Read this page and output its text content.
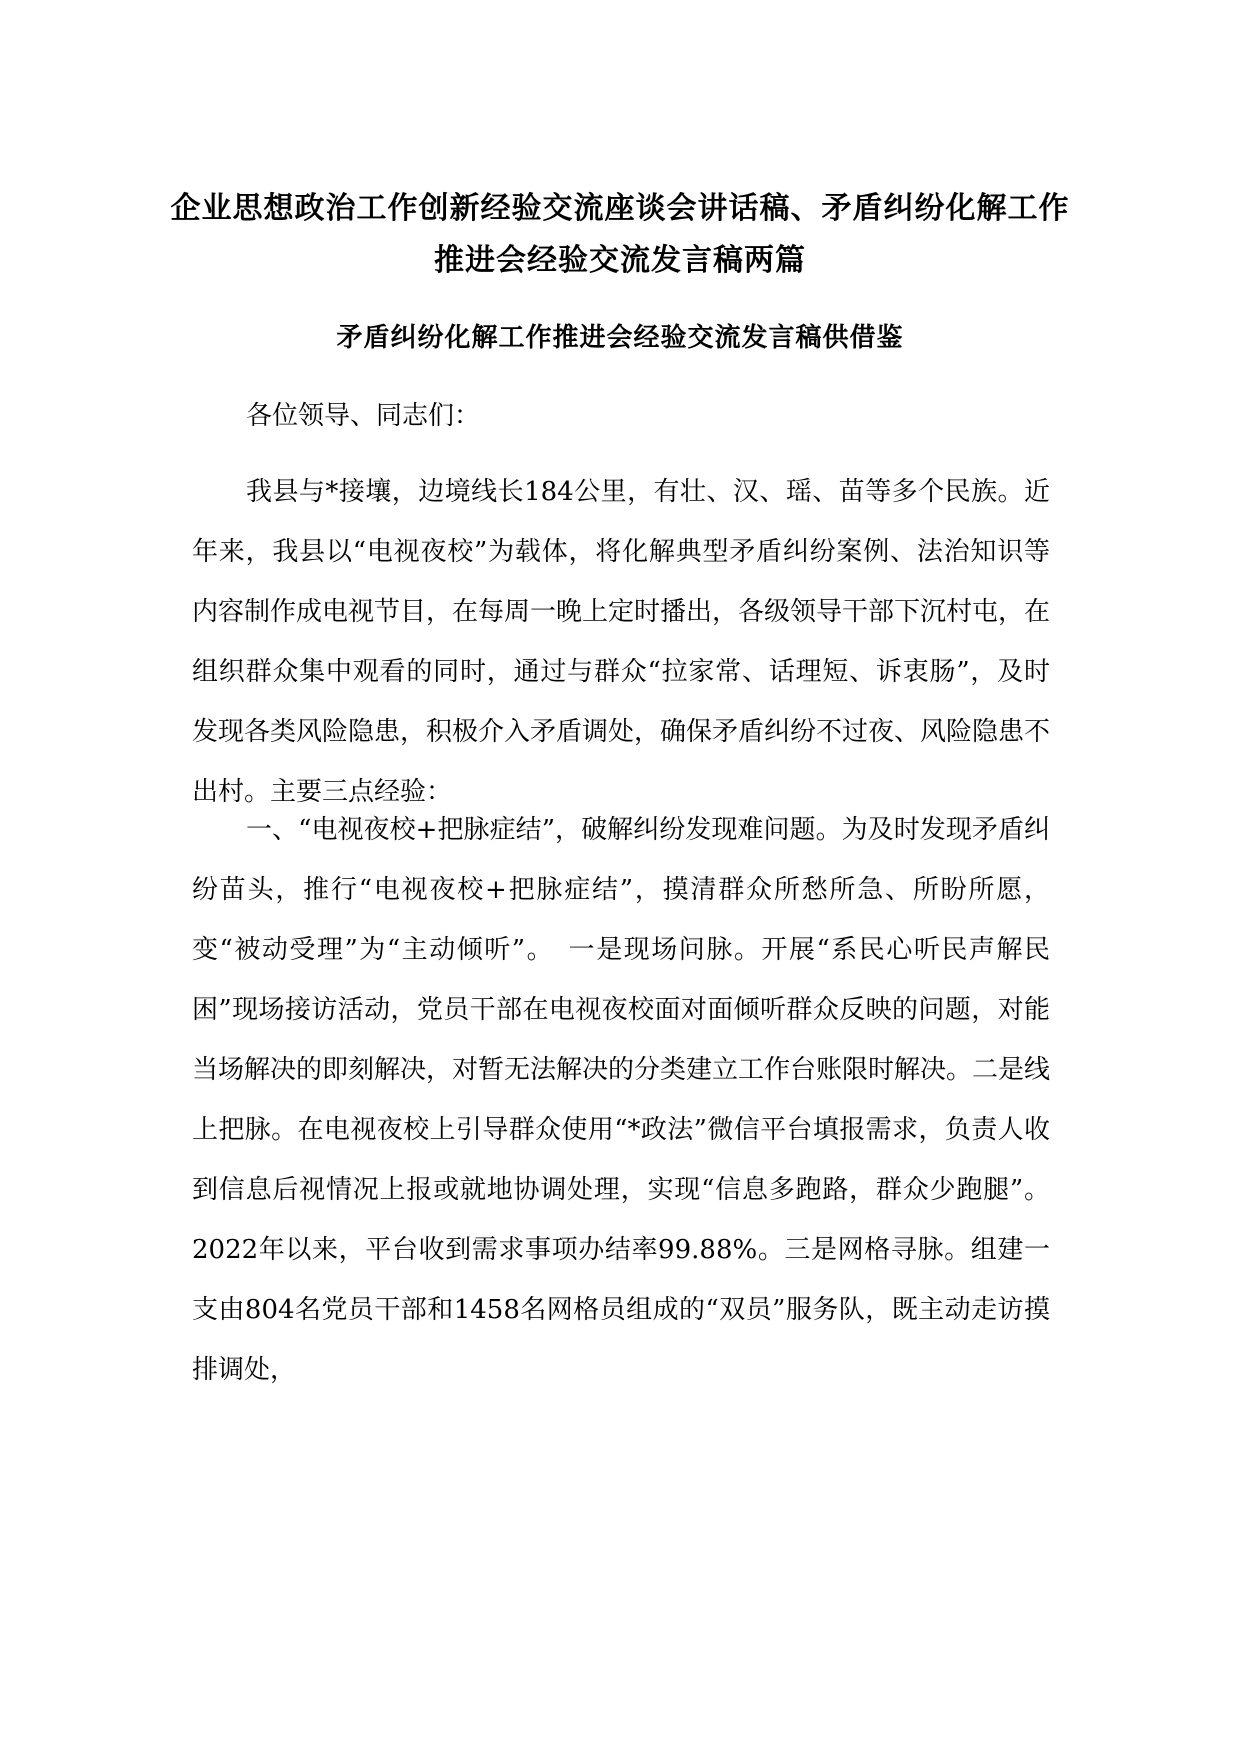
企业思想政治工作创新经验交流座谈会讲话稿、矛盾纠纷化解工作推进会经验交流发言稿两篇
矛盾纠纷化解工作推进会经验交流发言稿供借鉴

各位领导、同志们：

我县与*接壤，边境线长184公里，有壮、汉、瑶、苗等多个民族。近年来，我县以“电视夜校”为载体，将化解典型矛盾纠纷案例、法治知识等内容制作成电视节目，在每周一晚上定时播出，各级领导干部下沉村屯，在组织群众集中观看的同时，通过与群众“拉家常、话理短、诉衷肠”，及时发现各类风险隐患，积极介入矛盾调处，确保矛盾纠纷不过夜、风险隐患不出村。主要三点经验：

一、“电视夜校+把脉症结”，破解纠纷发现难问题。为及时发现矛盾纠纷苗头，推行“电视夜校+把脉症结”，摸清群众所愁所急、所盼所愿，变“被动受理”为“主动倾听”。　一是现场问脉。开展“系民心听民声解民困”现场接访活动，党员干部在电视夜校面对面倾听群众反映的问题，对能当场解决的即刻解决，对暂无法解决的分类建立工作台账限时解决。二是线上把脉。在电视夜校上引导群众使用“*政法”微信平台填报需求，负责人收到信息后视情况上报或就地协调处理，实现“信息多跑路，群众少跑腿”。2022年以来，平台收到需求事项办结率99.88%。三是网格寻脉。组建一支由804名党员干部和1458名网格员组成的“双员”服务队，既主动走访摸排调处，
